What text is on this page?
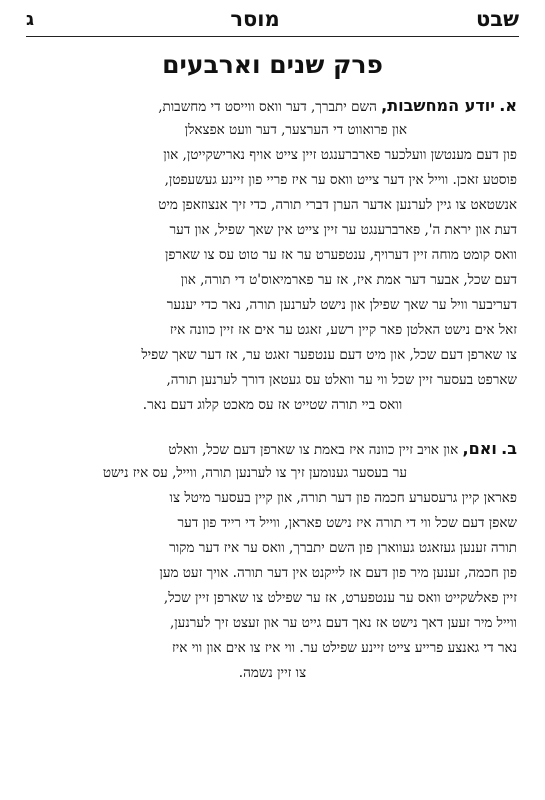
שבט
מוסר
ג
פרק שנים וארבעים

א. יודע המחשבות, השם יתברך, דער וואס ווייסט די מחשבות,

און פרואווט די הערצער, דער וועט אפצאלן

פון דעם מענטשן וועלכער פארברענגט זיין צייט אויף נארישקייטן, און

פוסטע זאכן. ווייל אין דער צייט וואס ער איז פריי פון זיינע געשעפטן,

אנשטאט צו גיין לערנען אדער הערן דברי תורה, כדי זיך אנצוזאפן מיט

דעת און יראת ה', פארברענגט ער זיין צייט אין שאך שפיל, און דער

וואס קומט מוחה זיין דערויף, ענטפערט ער אז ער טוט עס צו שארפן

דעם שכל, אבער דער אמת איז, אז ער פארמיאוס'ט די תורה, און

דעריבער וויל ער שאך שפילן און נישט לערנען תורה, נאר כדי יענער

זאל אים נישט האלטן פאר קיין רשע, זאגט ער אים אז זיין כוונה איז

צו שארפן דעם שכל, און מיט דעם ענטפער זאגט ער, אז דער שאך שפיל

שארפט בעסער זיין שכל ווי ער וואלט עס געטאן דורך לערנען תורה,

וואס ביי תורה שטייט אז עס מאכט קלוג דעם נאר.

ב. ואם, און אויב זיין כוונה איז באמת צו שארפן דעם שכל, וואלט

ער בעסער גענומען זיך צו לערנען תורה, ווייל, עס איז נישט

פאראן קיין גרעסערע חכמה פון דער תורה, און קיין בעסער מיטל צו

שאפן דעם שכל ווי די תורה איז נישט פאראן, ווייל די רייד פון דער

תורה זענען געזאגט געווארן פון השם יתברך, וואס ער איז דער מקור

פון חכמה, זענען מיר פון דעם אז לייקנט אין דער תורה. אויך זעט מען

זיין פאלשקייט וואס ער ענטפערט, אז ער שפילט צו שארפן זיין שכל,

ווייל מיר זעען דאך נישט אז נאך דעם גייט ער און זעצט זיך לערנען,

נאר די גאנצע פרייע צייט זיינע שפילט ער. ווי איז צו אים און ווי איז

צו זיין נשמה.
